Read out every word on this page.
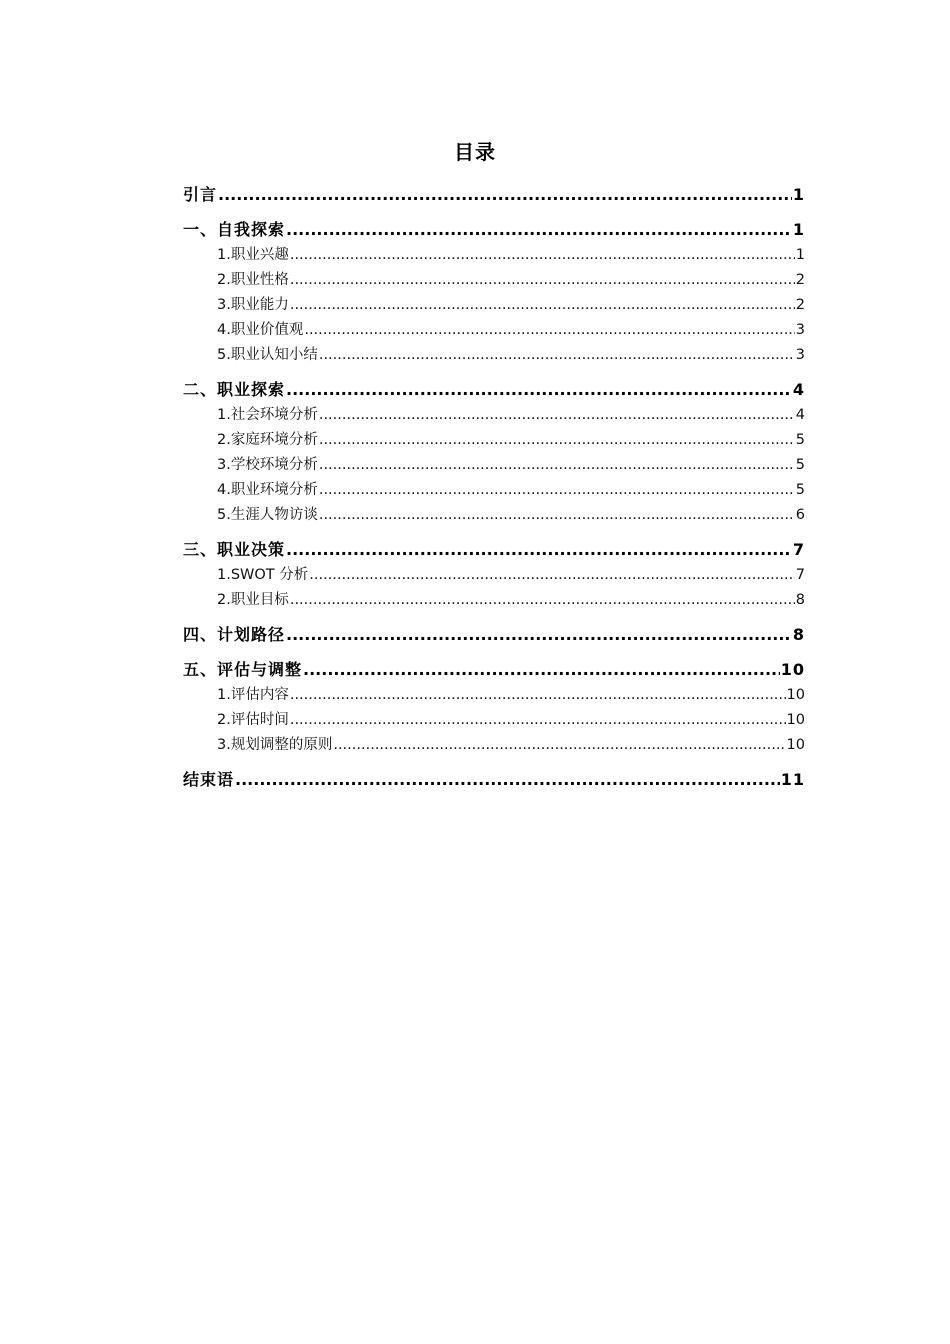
目录
引言 .....	1
一、自我探索 .....	1
1.职业兴趣 .....	1
2.职业性格 .....	2
3.职业能力 .....	2
4.职业价值观 .....	3
5.职业认知小结 .....	3
二、职业探索 .....	4
1.社会环境分析 .....	4
2.家庭环境分析 .....	5
3.学校环境分析 .....	5
4.职业环境分析 .....	5
5.生涯人物访谈 .....	6
三、职业决策 .....	7
1.SWOT 分析 .....	7
2.职业目标 .....	8
四、计划路径 .....	8
五、评估与调整 .....	10
1.评估内容 .....	10
2.评估时间 .....	10
3.规划调整的原则 .....	10
结束语 .....	11
